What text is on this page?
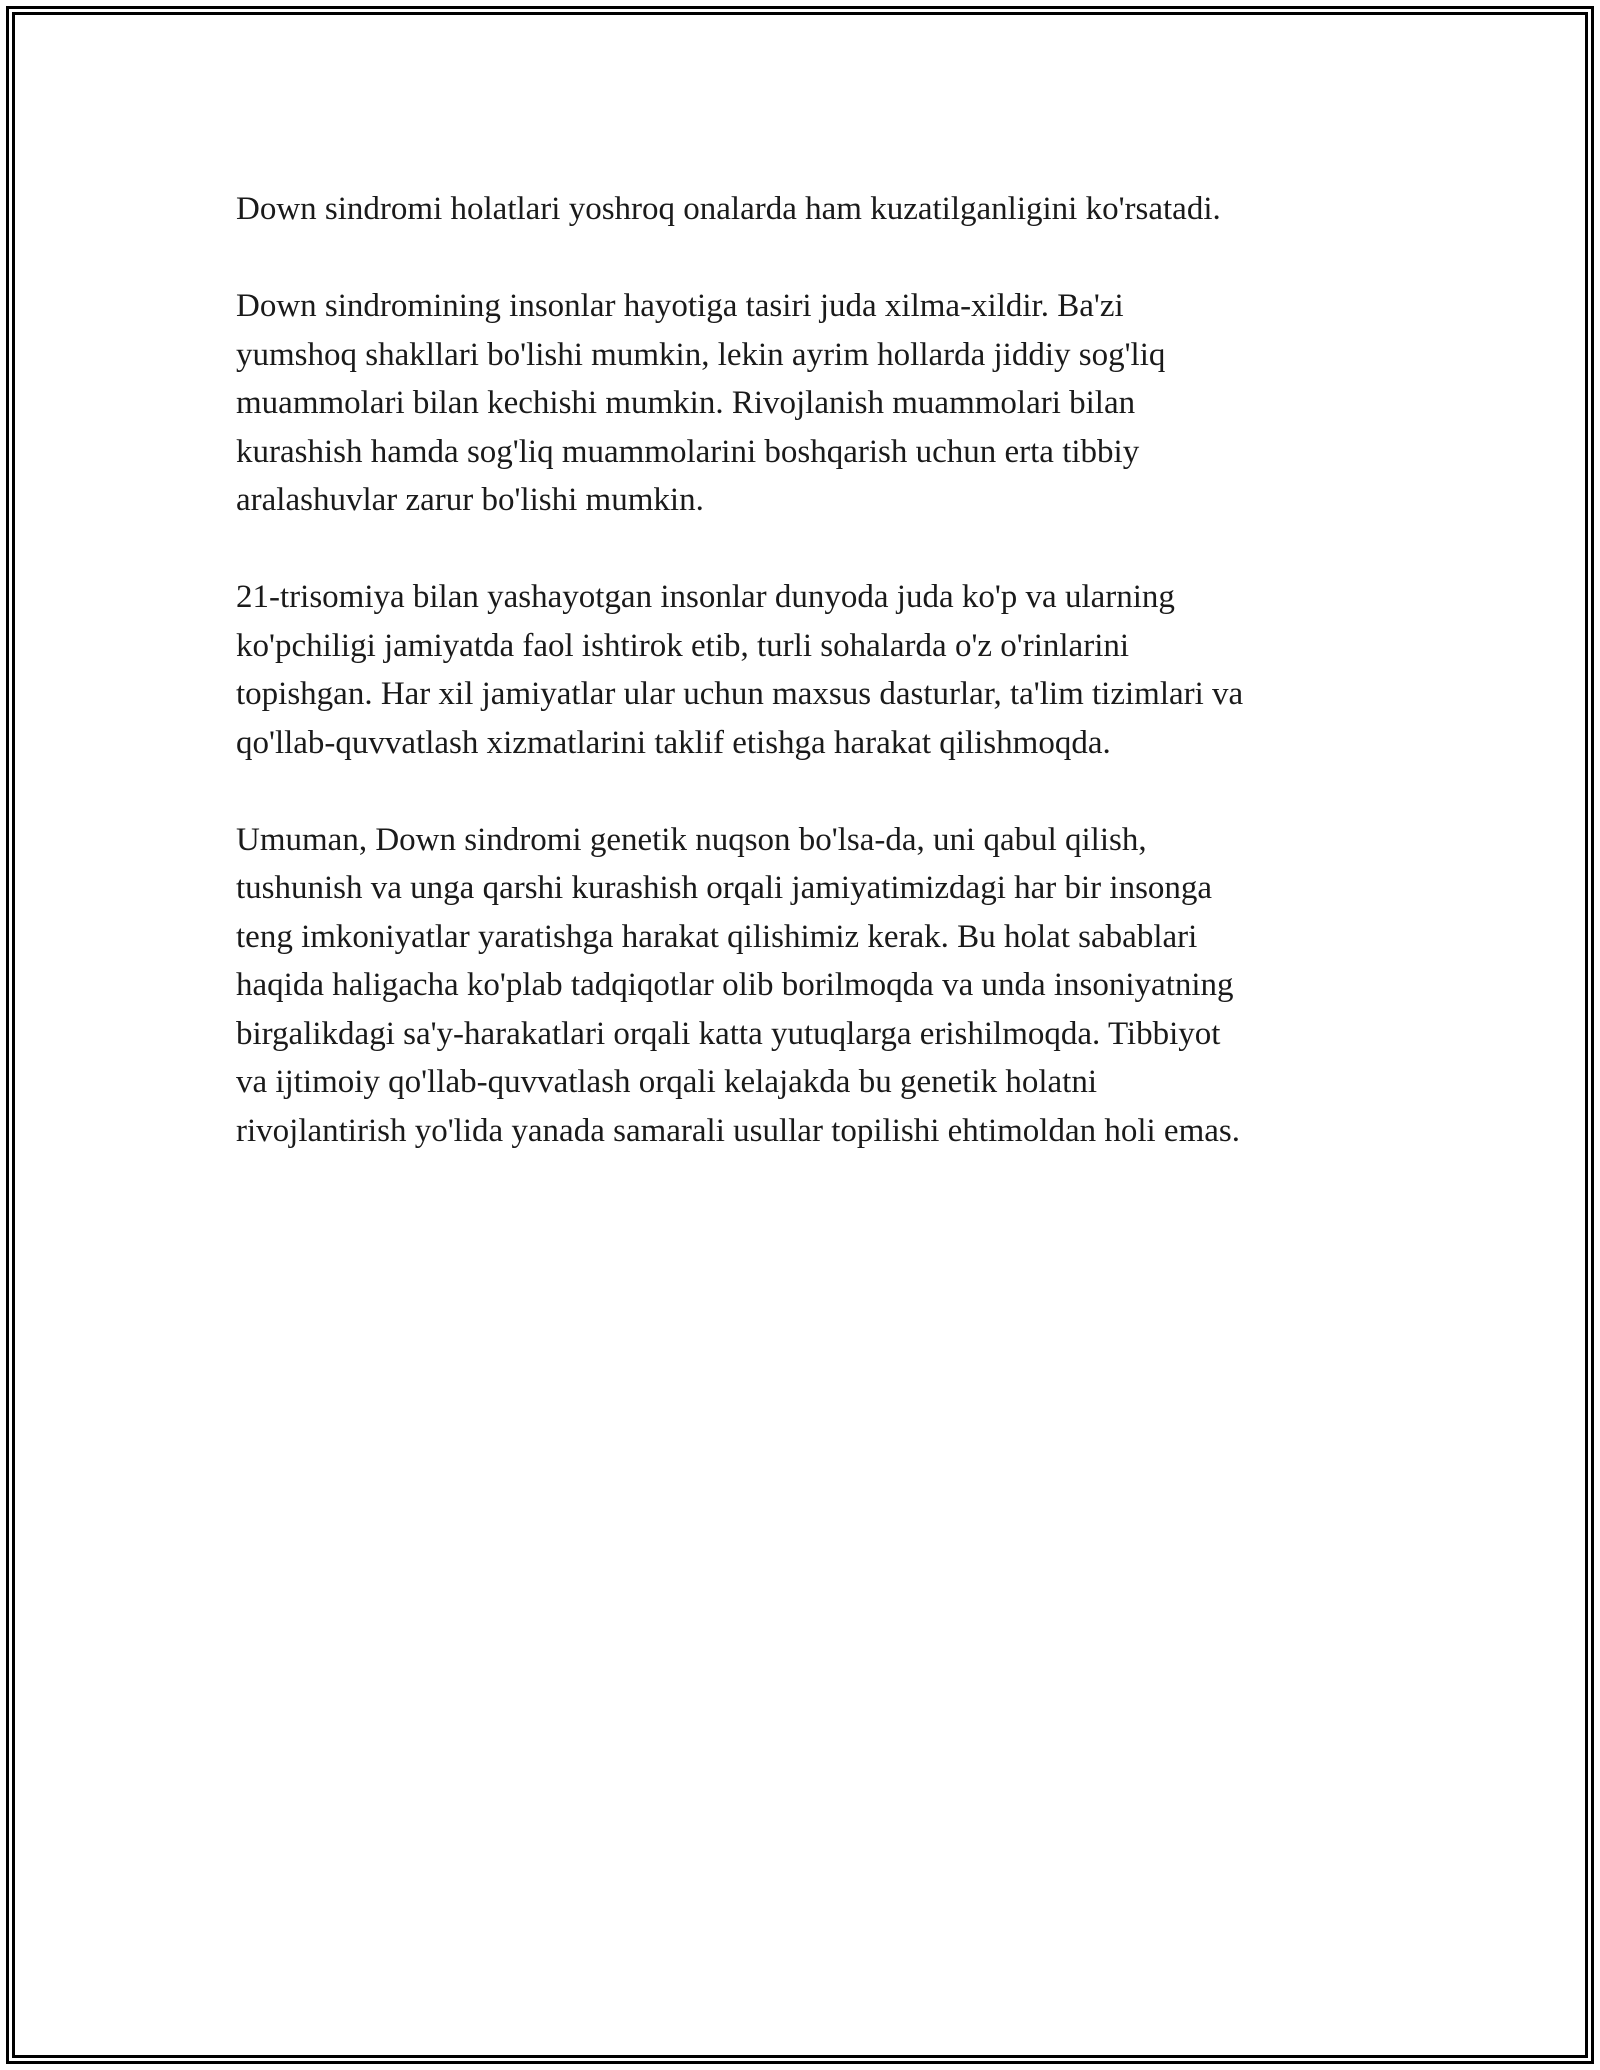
Down sindromi holatlari yoshroq onalarda ham kuzatilganligini ko'rsatadi.

Down sindromining insonlar hayotiga tasiri juda xilma-xildir. Ba'zi
yumshoq shakllari bo'lishi mumkin, lekin ayrim hollarda jiddiy sog'liq
muammolari bilan kechishi mumkin. Rivojlanish muammolari bilan
kurashish hamda sog'liq muammolarini boshqarish uchun erta tibbiy
aralashuvlar zarur bo'lishi mumkin.

21-trisomiya bilan yashayotgan insonlar dunyoda juda ko'p va ularning
ko'pchiligi jamiyatda faol ishtirok etib, turli sohalarda o'z o'rinlarini
topishgan. Har xil jamiyatlar ular uchun maxsus dasturlar, ta'lim tizimlari va
qo'llab-quvvatlash xizmatlarini taklif etishga harakat qilishmoqda.

Umuman, Down sindromi genetik nuqson bo'lsa-da, uni qabul qilish,
tushunish va unga qarshi kurashish orqali jamiyatimizdagi har bir insonga
teng imkoniyatlar yaratishga harakat qilishimiz kerak. Bu holat sabablari
haqida haligacha ko'plab tadqiqotlar olib borilmoqda va unda insoniyatning
birgalikdagi sa'y-harakatlari orqali katta yutuqlarga erishilmoqda. Tibbiyot
va ijtimoiy qo'llab-quvvatlash orqali kelajakda bu genetik holatni
rivojlantirish yo'lida yanada samarali usullar topilishi ehtimoldan holi emas.
